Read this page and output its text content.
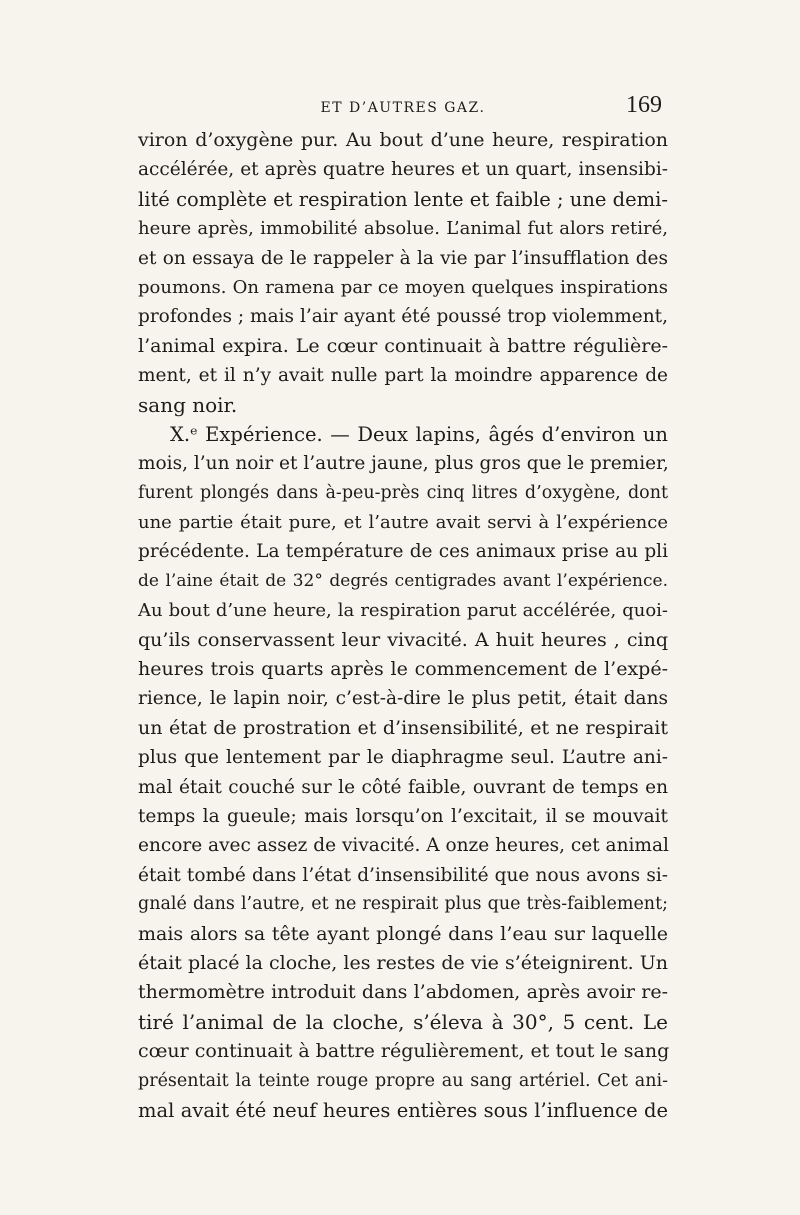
ET D’AUTRES GAZ.	169
viron d’oxygène pur. Au bout d’une heure, respiration
accélérée, et après quatre heures et un quart, insensibi-
lité complète et respiration lente et faible ; une demi-
heure après, immobilité absolue. L’animal fut alors retiré,
et on essaya de le rappeler à la vie par l’insufflation des
poumons. On ramena par ce moyen quelques inspirations
profondes ; mais l’air ayant été poussé trop violemment,
l’animal expira. Le cœur continuait à battre régulière-
ment, et il n’y avait nulle part la moindre apparence de
sang noir.
X.ᵉ Expérience. — Deux lapins, âgés d’environ un
mois, l’un noir et l’autre jaune, plus gros que le premier,
furent plongés dans à-peu-près cinq litres d’oxygène, dont
une partie était pure, et l’autre avait servi à l’expérience
précédente. La température de ces animaux prise au pli
de l’aine était de 32° degrés centigrades avant l’expérience.
Au bout d’une heure, la respiration parut accélérée, quoi-
qu’ils conservassent leur vivacité. A huit heures , cinq
heures trois quarts après le commencement de l’expé-
rience, le lapin noir, c’est-à-dire le plus petit, était dans
un état de prostration et d’insensibilité, et ne respirait
plus que lentement par le diaphragme seul. L’autre ani-
mal était couché sur le côté faible, ouvrant de temps en
temps la gueule; mais lorsqu’on l’excitait, il se mouvait
encore avec assez de vivacité. A onze heures, cet animal
était tombé dans l’état d’insensibilité que nous avons si-
gnalé dans l’autre, et ne respirait plus que très-faiblement;
mais alors sa tête ayant plongé dans l’eau sur laquelle
était placé la cloche, les restes de vie s’éteignirent. Un
thermomètre introduit dans l’abdomen, après avoir re-
tiré l’animal de la cloche, s’éleva à 30°, 5 cent. Le
cœur continuait à battre régulièrement, et tout le sang
présentait la teinte rouge propre au sang artériel. Cet ani-
mal avait été neuf heures entières sous l’influence de
